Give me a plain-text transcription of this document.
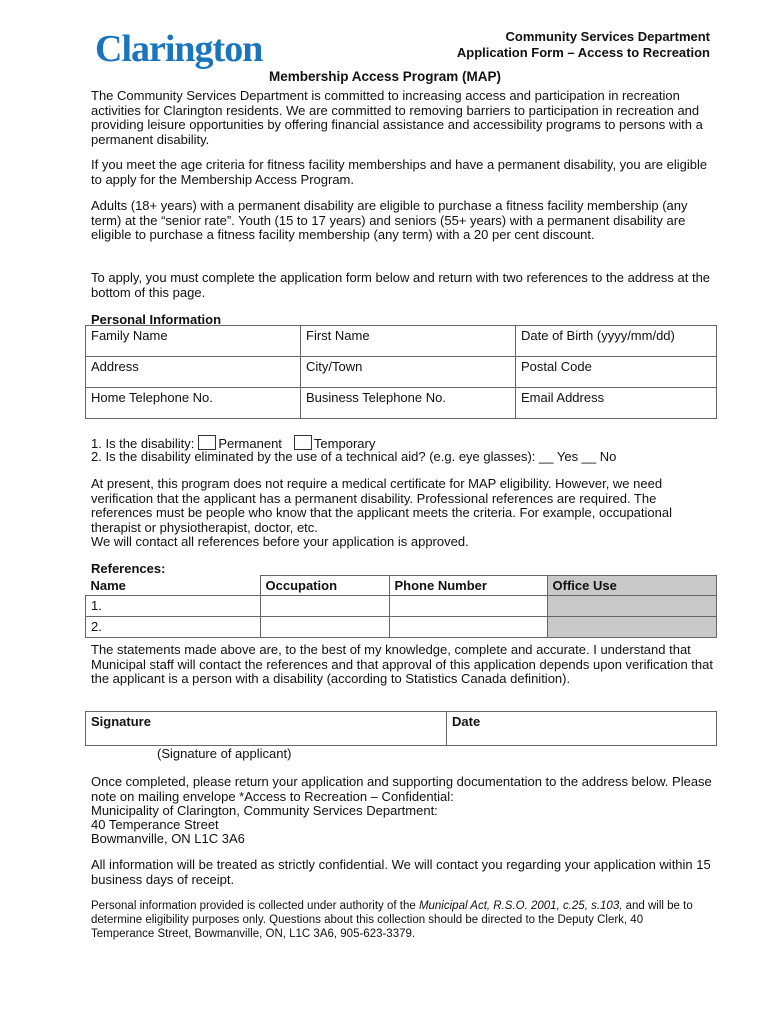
Clarington	Community Services Department
Application Form – Access to Recreation
Membership Access Program (MAP)
The Community Services Department is committed to increasing access and participation in recreation activities for Clarington residents. We are committed to removing barriers to participation in recreation and providing leisure opportunities by offering financial assistance and accessibility programs to persons with a permanent disability.
If you meet the age criteria for fitness facility memberships and have a permanent disability, you are eligible to apply for the Membership Access Program.
Adults (18+ years) with a permanent disability are eligible to purchase a fitness facility membership (any term) at the “senior rate”. Youth (15 to 17 years) and seniors (55+ years) with a permanent disability are eligible to purchase a fitness facility membership (any term) with a 20 per cent discount.
To apply, you must complete the application form below and return with two references to the address at the bottom of this page.
Personal Information
Family Name	First Name	Date of Birth (yyyy/mm/dd)
Address	City/Town	Postal Code
Home Telephone No.	Business Telephone No.	Email Address
1. Is the disability: Permanent Temporary
2. Is the disability eliminated by the use of a technical aid? (e.g. eye glasses): __ Yes __ No
At present, this program does not require a medical certificate for MAP eligibility. However, we need verification that the applicant has a permanent disability. Professional references are required. The references must be people who know that the applicant meets the criteria. For example, occupational therapist or physiotherapist, doctor, etc.
We will contact all references before your application is approved.
References:
Name	Occupation	Phone Number	Office Use
1.			
2.			
The statements made above are, to the best of my knowledge, complete and accurate. I understand that Municipal staff will contact the references and that approval of this application depends upon verification that the applicant is a person with a disability (according to Statistics Canada definition).
Signature	Date
(Signature of applicant)
Once completed, please return your application and supporting documentation to the address below. Please note on mailing envelope *Access to Recreation – Confidential:
Municipality of Clarington, Community Services Department:
40 Temperance Street
Bowmanville, ON L1C 3A6
All information will be treated as strictly confidential. We will contact you regarding your application within 15 business days of receipt.
Personal information provided is collected under authority of the Municipal Act, R.S.O. 2001, c.25, s.103, and will be to determine eligibility purposes only. Questions about this collection should be directed to the Deputy Clerk, 40 Temperance Street, Bowmanville, ON, L1C 3A6, 905-623-3379.
